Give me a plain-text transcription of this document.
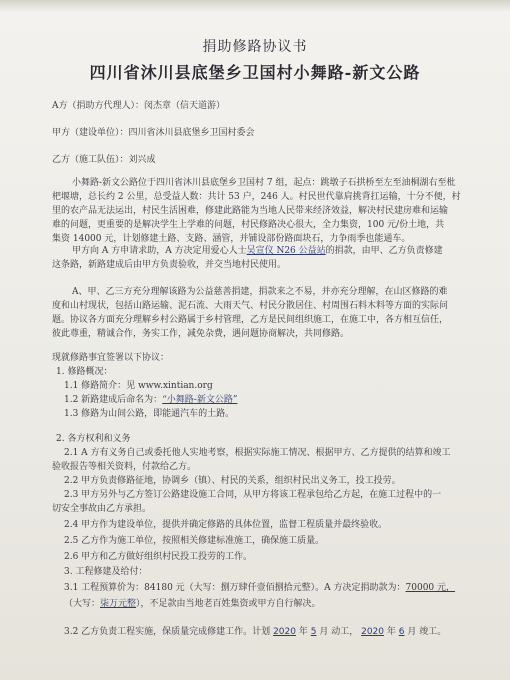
捐助修路协议书
四川省沐川县底堡乡卫国村小舞路-新文公路
A方（捐助方代理人）：闵杰章（信天道游）
甲方（建设单位）：四川省沐川县底堡乡卫国村委会
乙方（施工队伍）：刘兴成
小舞路-新文公路位于四川省沐川县底堡乡卫国村 7 组，起点：跳墩子石拱桥至左至油桐湖右至枇
杷堰塘，总长约 2 公里，总受益人数：共计 53 户，246 人。村民世代靠肩挑背扛运输，十分不便，村
里的农产品无法运出，村民生活困难，修建此路能为当地人民带来经济效益，解决村民建房难和运输
难的问题，更重要的是解决学生上学难的问题，村民修路决心很大，全力集资，100 元/份土地，共
集资 14000 元，计划修建土路、支路、涵管，并铺设部份路面块石，力争雨季也能通车。
甲方向 A 方申请求助，A 方决定用爱心人士吴宣仪 N26 公益站的捐款，由甲、乙方负责修建
这条路，新路建成后由甲方负责验收，并交当地村民使用。
A、甲、乙三方充分理解该路为公益慈善捐建，捐款来之不易，并亦充分理解，在山区修路的难
度和山村现状，包括山路运输、泥石流、大雨天气、村民分散居住、村周围石料木料等方面的实际问
题。协议各方面充分理解乡村公路属于乡村管理，乙方是民间组织施工，在施工中，各方相互信任，
彼此尊重，精诚合作，务实工作，减免杂费，遇问题协商解决，共同修路。
现就修路事宜签署以下协议：
1. 修路概况：
1.1 修路简介：见 www.xintian.org
1.2 新路建成后命名为：“小舞路-新文公路”
1.3 修路为山间公路，即能通汽车的土路。
2. 各方权利和义务
2.1 A 方有义务自己或委托他人实地考察，根据实际施工情况、根据甲方、乙方提供的结算和竣工
验收报告等相关资料，付款给乙方。
2.2 甲方负责修路征地，协调乡（镇）、村民的关系，组织村民出义务工，投工投劳。
2.3 甲方另外与乙方签订公路建设施工合同，从甲方将该工程承包给乙方起，在施工过程中的一
切安全事故由乙方承担。
2.4 甲方作为建设单位，提供并确定修路的具体位置，监督工程质量并最终验收。
2.5 乙方作为施工单位，按照相关修建标准施工，确保施工质量。
2.6 甲方和乙方做好组织村民投工投劳的工作。
3. 工程修建及给付：
3.1 工程预算价为：84180 元（大写：捌万肆仟壹佰捌拾元整）。A 方决定捐助款为：70000 元，
（大写：柒万元整），不足款由当地老百姓集资或甲方自行解决。
3.2 乙方负责工程实施，保质量完成修建工作。计划 2020 年 5 月 动工， 2020 年 6 月 竣工。
